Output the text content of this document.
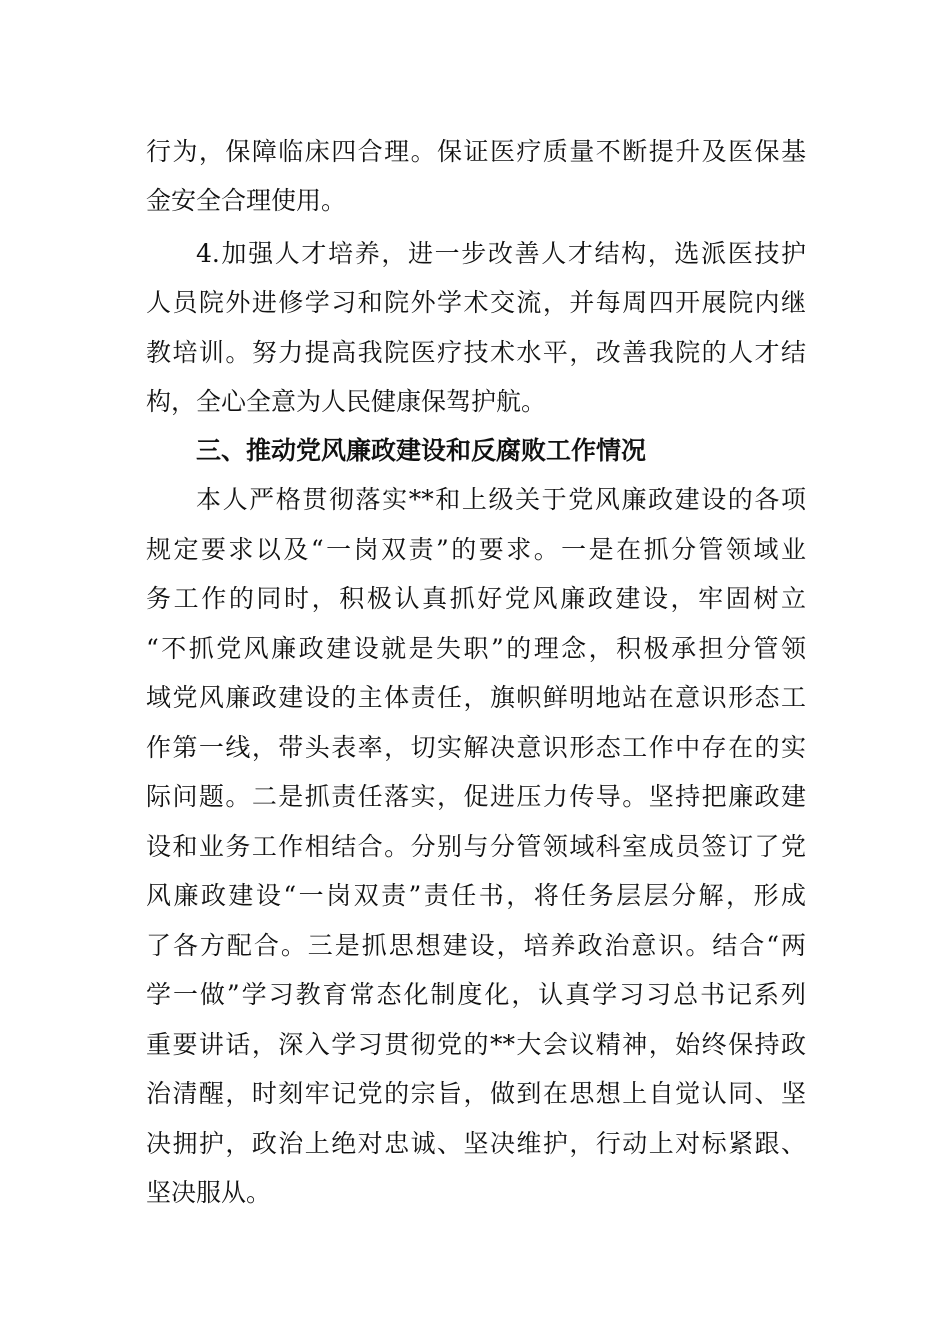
行为，保障临床四合理。保证医疗质量不断提升及医保基
金安全合理使用。
4.加强人才培养，进一步改善人才结构，选派医技护
人员院外进修学习和院外学术交流，并每周四开展院内继
教培训。努力提高我院医疗技术水平，改善我院的人才结
构，全心全意为人民健康保驾护航。
三、推动党风廉政建设和反腐败工作情况
本人严格贯彻落实**和上级关于党风廉政建设的各项
规定要求以及“一岗双责”的要求。一是在抓分管领域业
务工作的同时，积极认真抓好党风廉政建设，牢固树立
“不抓党风廉政建设就是失职”的理念，积极承担分管领
域党风廉政建设的主体责任，旗帜鲜明地站在意识形态工
作第一线，带头表率，切实解决意识形态工作中存在的实
际问题。二是抓责任落实，促进压力传导。坚持把廉政建
设和业务工作相结合。分别与分管领域科室成员签订了党
风廉政建设“一岗双责”责任书，将任务层层分解，形成
了各方配合。三是抓思想建设，培养政治意识。结合“两
学一做”学习教育常态化制度化，认真学习习总书记系列
重要讲话，深入学习贯彻党的**大会议精神，始终保持政
治清醒，时刻牢记党的宗旨，做到在思想上自觉认同、坚
决拥护，政治上绝对忠诚、坚决维护，行动上对标紧跟、
坚决服从。
